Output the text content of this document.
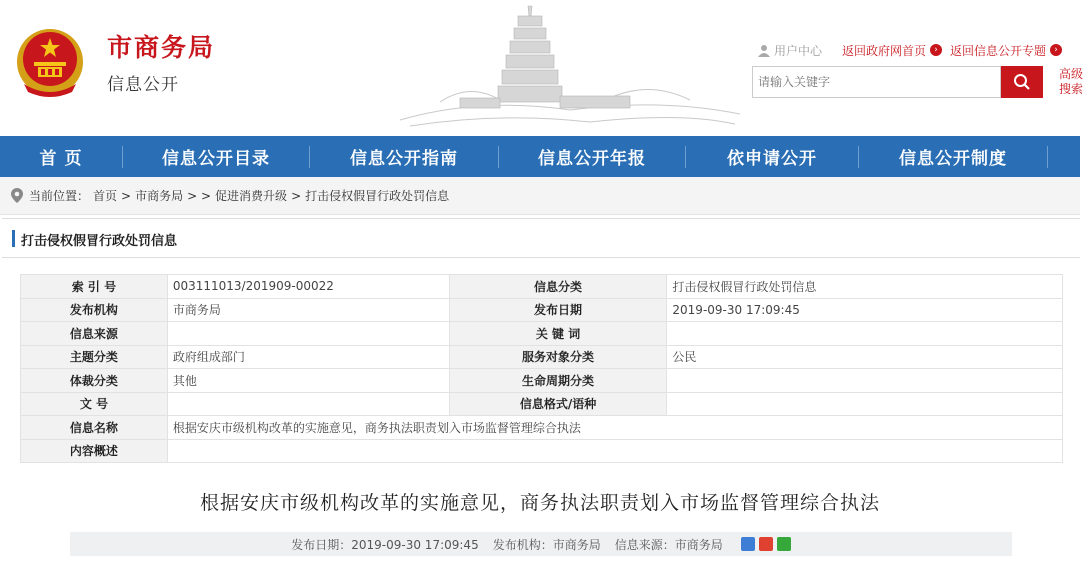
市商务局
信息公开
用户中心 返回政府网首页 ›	返回信息公开专题 ›
请输入关键字
高级搜索
首 页	信息公开目录	信息公开指南	信息公开年报	依申请公开	信息公开制度
当前位置： 首页 > 市商务局 > > 促进消费升级 > 打击侵权假冒行政处罚信息
打击侵权假冒行政处罚信息
索 引 号	003111013/201909-00022	信息分类	打击侵权假冒行政处罚信息
发布机构	市商务局	发布日期	2019-09-30 17:09:45
信息来源		关 键 词	
主题分类	政府组成部门	服务对象分类	公民
体裁分类	其他	生命周期分类	
文 号		信息格式/语种	
信息名称	根据安庆市级机构改革的实施意见，商务执法职责划入市场监督管理综合执法		
内容概述			
根据安庆市级机构改革的实施意见，商务执法职责划入市场监督管理综合执法
发布日期：2019-09-30 17:09:45 发布机构：市商务局 信息来源：市商务局
